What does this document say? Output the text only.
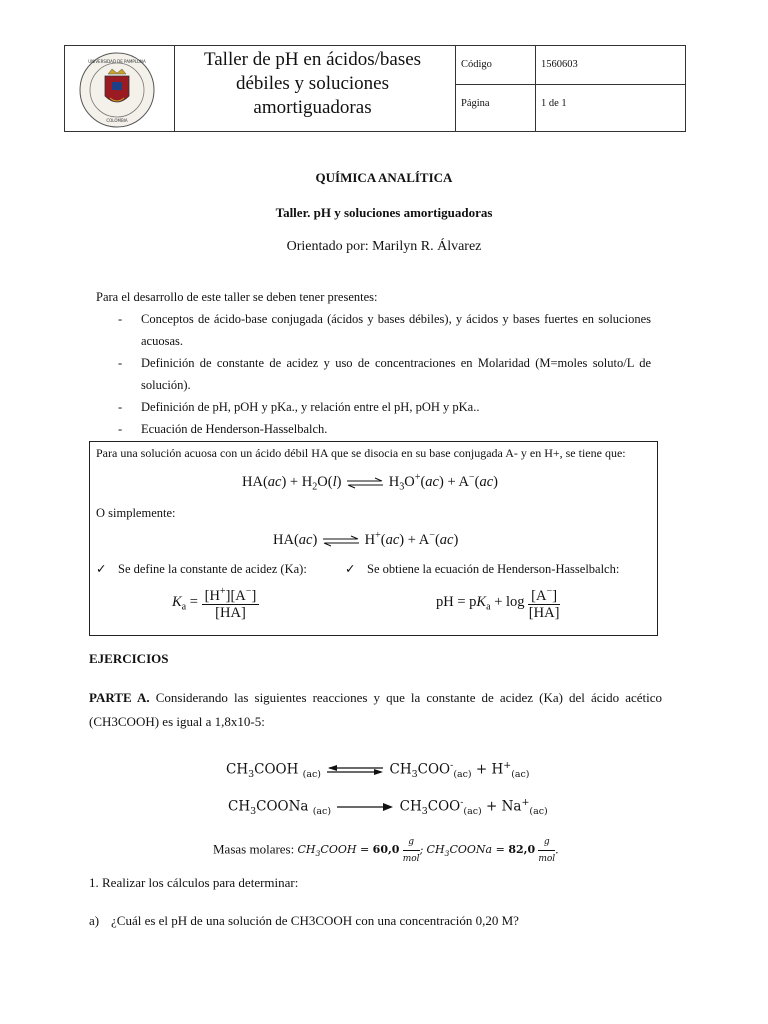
UNIVERSIDAD DE PAMPLONA
COLOMBIA
Taller de pH en ácidos/bases débiles y soluciones amortiguadoras
Código	1560603
Página	1 de 1
QUÍMICA ANALÍTICA
Taller. pH y soluciones amortiguadoras
Orientado por: Marilyn R. Álvarez
Para el desarrollo de este taller se deben tener presentes:
- Conceptos de ácido-base conjugada (ácidos y bases débiles), y ácidos y bases fuertes en soluciones
acuosas.
- Definición de constante de acidez y uso de concentraciones en Molaridad (M=moles soluto/L de
solución).
- Definición de pH, pOH y pKa., y relación entre el pH, pOH y pKa..
- Ecuación de Henderson-Hasselbalch.
Para una solución acuosa con un ácido débil HA que se disocia en su base conjugada A- y en H+, se tiene que:
$HA(ac) + H_2O(l)$ ⇌ $H_3O^+(ac) + A^-(ac)$
O simplemente:
HA(ac) ⇌ H+(ac) + A−(ac)
✓ Se define la constante de acidez (Ka):	✓ Se obtiene la ecuación de Henderson-Hasselbalch:
$K_a = \frac{[H^+][A^-]}{[HA]}$	pH = $pK_a + \log \frac{[A^-]}{[HA]}$
EJERCICIOS
PARTE A. Considerando las siguientes reacciones y que la constante de acidez (Ka) del ácido acético
(CH3COOH) es igual a 1,8x10-5:
$CH_3COOH$ $_{(ac)}$	$CH_3COO^-_{(ac)} + H^+_{(ac)}$
$CH_3COONa$ $_{(ac)}$	$CH_3COO^-_{(ac)} + Na^+_{(ac)}$
Masas molares: $CH_3COOH = 60,0 \frac{g}{\text{mol}}$ ; $CH_3COONa = 82,0 \frac{g}{\text{mol}}$ .
1. Realizar los cálculos para determinar:
a) ¿Cuál es el pH de una solución de CH3COOH con una concentración 0,20 M?
